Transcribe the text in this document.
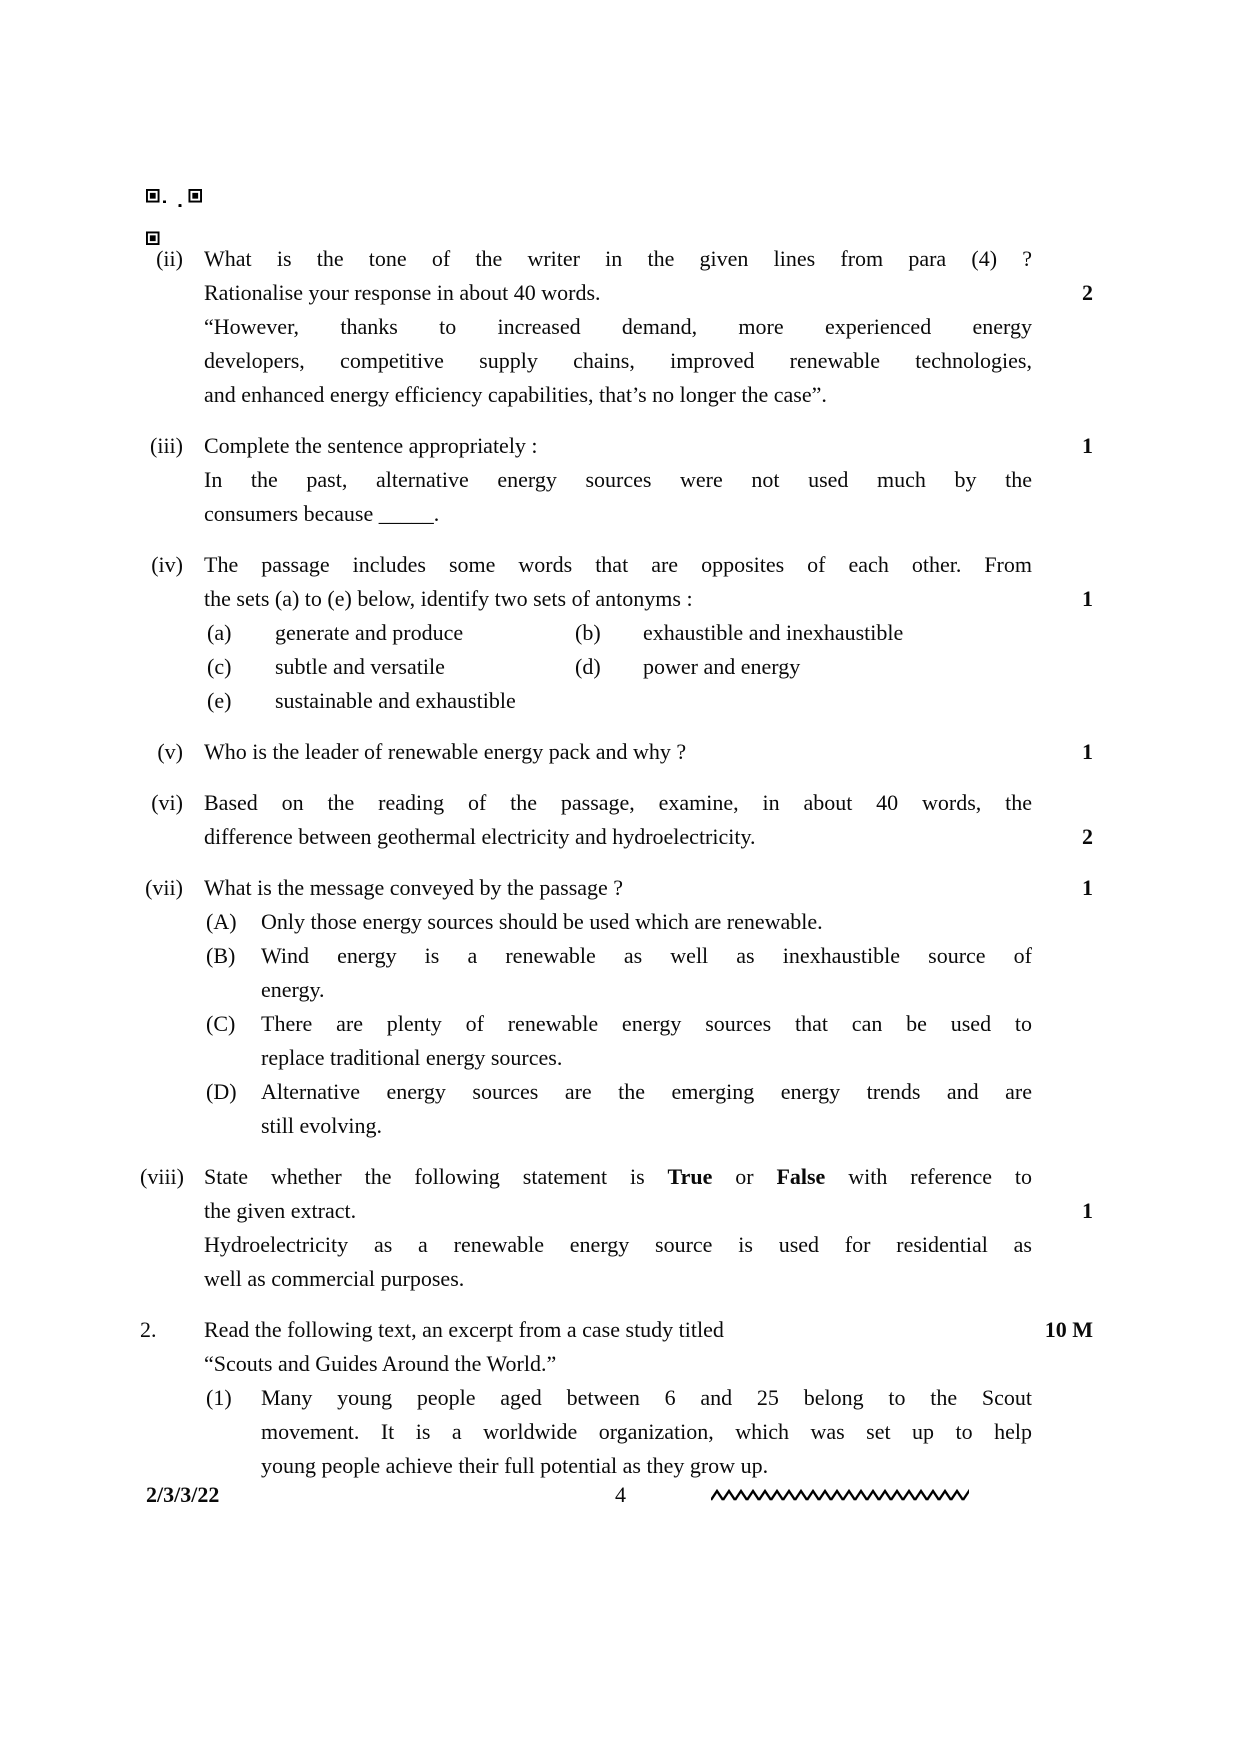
(ii) What is the tone of the writer in the given lines from para (4) ?
Rationalise your response in about 40 words.
“However, thanks to increased demand, more experienced energy
developers, competitive supply chains, improved renewable technologies,
and enhanced energy efficiency capabilities, that’s no longer the case”.
2
(iii) Complete the sentence appropriately :
In the past, alternative energy sources were not used much by the
consumers because _____.
1
(iv) The passage includes some words that are opposites of each other. From
the sets (a) to (e) below, identify two sets of antonyms :
(a)	generate and produce	(b)	exhaustible and inexhaustible
(c)	subtle and versatile	(d)	power and energy
(e)	sustainable and exhaustible
1
(v) Who is the leader of renewable energy pack and why ?	1
(vi) Based on the reading of the passage, examine, in about 40 words, the
difference between geothermal electricity and hydroelectricity.	2
(vii) What is the message conveyed by the passage ?
(A)	Only those energy sources should be used which are renewable.
(B)	Wind energy is a renewable as well as inexhaustible source of
energy.
(C)	There are plenty of renewable energy sources that can be used to
replace traditional energy sources.
(D)	Alternative energy sources are the emerging energy trends and are
still evolving.
1
(viii) State whether the following statement is True or False with reference to
the given extract.
Hydroelectricity as a renewable energy source is used for residential as
well as commercial purposes.
1
2.	Read the following text, an excerpt from a case study titled
“Scouts and Guides Around the World.”
(1)	Many young people aged between 6 and 25 belong to the Scout
movement. It is a worldwide organization, which was set up to help
young people achieve their full potential as they grow up.
10 M
2/3/3/22	4
